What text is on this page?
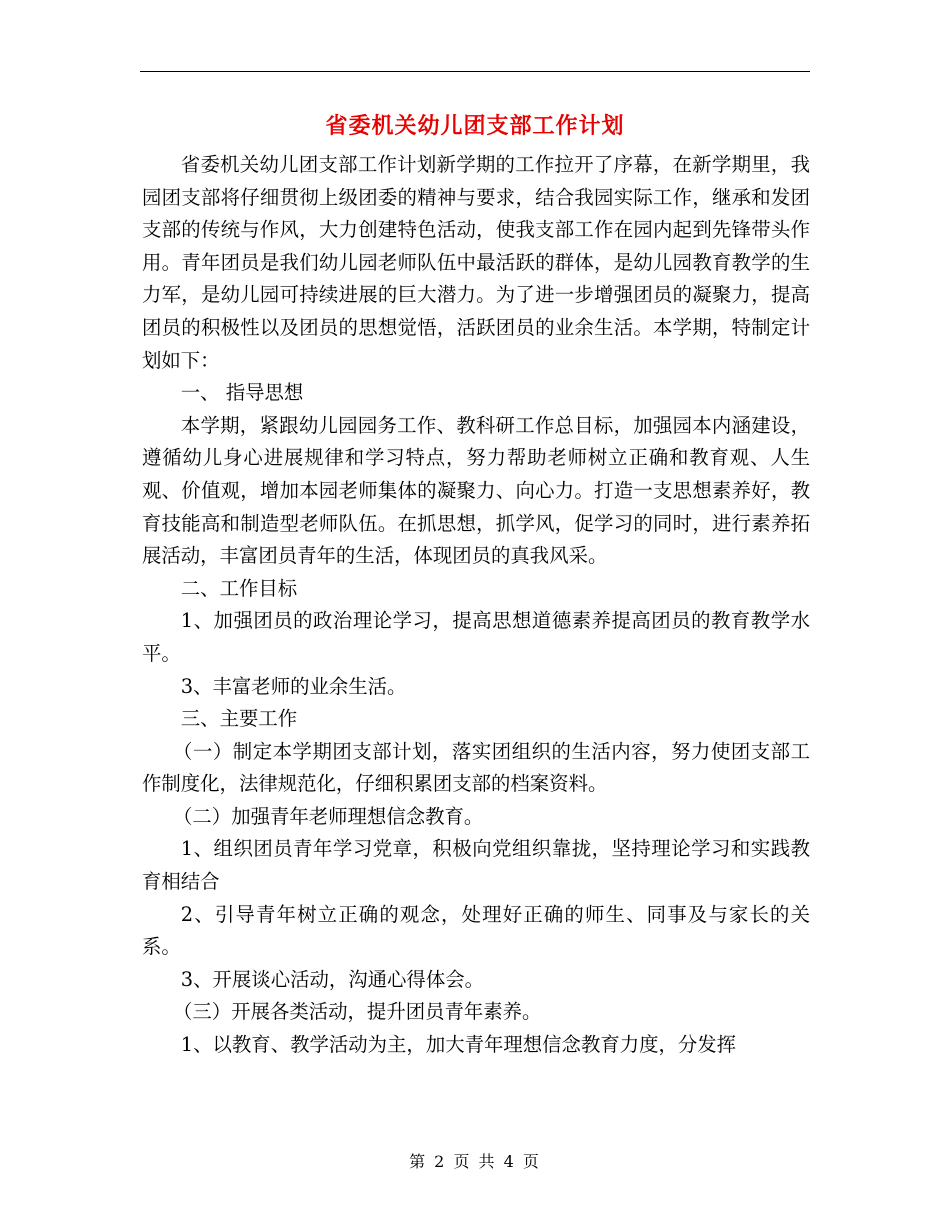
省委机关幼儿团支部工作计划

省委机关幼儿团支部工作计划新学期的工作拉开了序幕，在新学期里，我园团支部将仔细贯彻上级团委的精神与要求，结合我园实际工作，继承和发团支部的传统与作风，大力创建特色活动，使我支部工作在园内起到先锋带头作用。青年团员是我们幼儿园老师队伍中最活跃的群体，是幼儿园教育教学的生力军，是幼儿园可持续进展的巨大潜力。为了进一步增强团员的凝聚力，提高团员的积极性以及团员的思想觉悟，活跃团员的业余生活。本学期，特制定计划如下：

一、 指导思想

本学期，紧跟幼儿园园务工作、教科研工作总目标，加强园本内涵建设，遵循幼儿身心进展规律和学习特点，努力帮助老师树立正确和教育观、人生观、价值观，增加本园老师集体的凝聚力、向心力。打造一支思想素养好，教育技能高和制造型老师队伍。在抓思想，抓学风，促学习的同时，进行素养拓展活动，丰富团员青年的生活，体现团员的真我风采。

二、工作目标

1、加强团员的政治理论学习，提高思想道德素养提高团员的教育教学水平。

3、丰富老师的业余生活。

三、主要工作

（一）制定本学期团支部计划，落实团组织的生活内容，努力使团支部工作制度化，法律规范化，仔细积累团支部的档案资料。

（二）加强青年老师理想信念教育。

1、组织团员青年学习党章，积极向党组织靠拢，坚持理论学习和实践教育相结合

2、引导青年树立正确的观念，处理好正确的师生、同事及与家长的关系。

3、开展谈心活动，沟通心得体会。

（三）开展各类活动，提升团员青年素养。

1、以教育、教学活动为主，加大青年理想信念教育力度，分发挥

第 2 页 共 4 页
